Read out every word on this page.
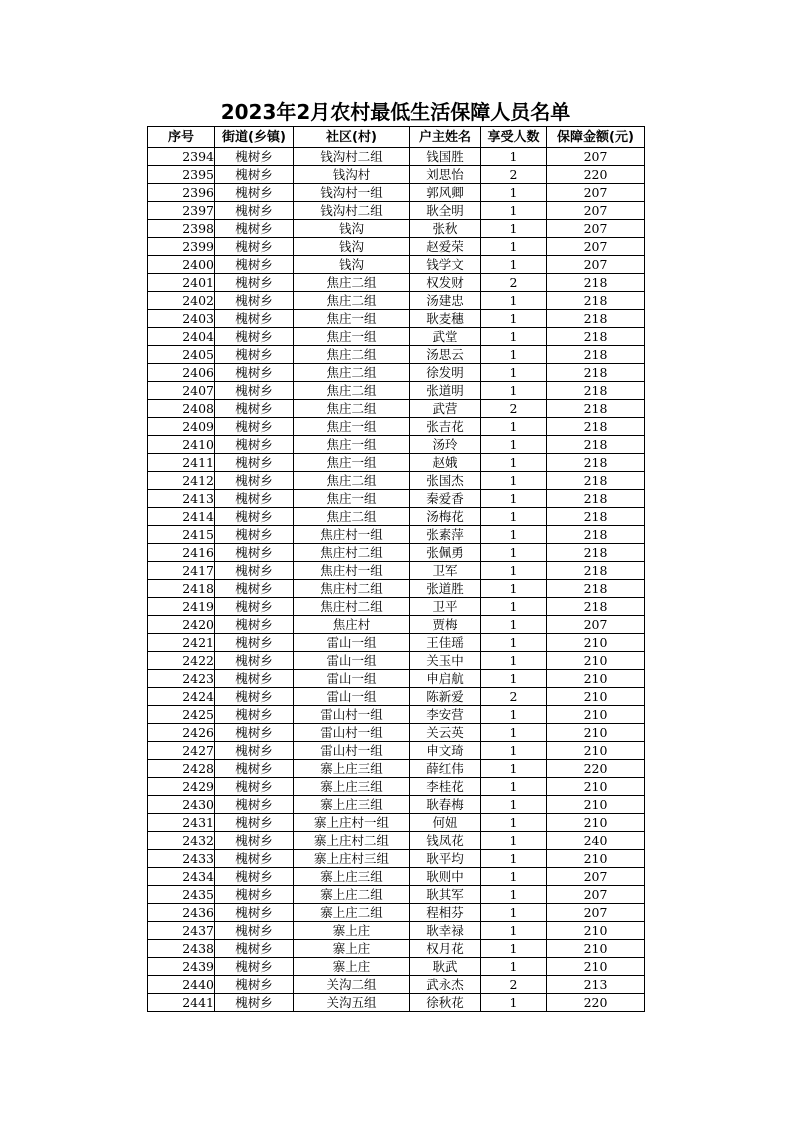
2023年2月农村最低生活保障人员名单
序号	街道(乡镇)	社区(村)	户主姓名	享受人数	保障金额(元)
2394	槐树乡	钱沟村二组	钱国胜	1	207
2395	槐树乡	钱沟村	刘思怡	2	220
2396	槐树乡	钱沟村一组	郭风卿	1	207
2397	槐树乡	钱沟村二组	耿全明	1	207
2398	槐树乡	钱沟	张秋	1	207
2399	槐树乡	钱沟	赵爱荣	1	207
2400	槐树乡	钱沟	钱学文	1	207
2401	槐树乡	焦庄二组	权发财	2	218
2402	槐树乡	焦庄二组	汤建忠	1	218
2403	槐树乡	焦庄一组	耿麦穗	1	218
2404	槐树乡	焦庄一组	武堂	1	218
2405	槐树乡	焦庄二组	汤思云	1	218
2406	槐树乡	焦庄二组	徐发明	1	218
2407	槐树乡	焦庄二组	张道明	1	218
2408	槐树乡	焦庄二组	武营	2	218
2409	槐树乡	焦庄一组	张吉花	1	218
2410	槐树乡	焦庄一组	汤玲	1	218
2411	槐树乡	焦庄一组	赵娥	1	218
2412	槐树乡	焦庄二组	张国杰	1	218
2413	槐树乡	焦庄一组	秦爱香	1	218
2414	槐树乡	焦庄二组	汤梅花	1	218
2415	槐树乡	焦庄村一组	张素萍	1	218
2416	槐树乡	焦庄村二组	张佩勇	1	218
2417	槐树乡	焦庄村一组	卫军	1	218
2418	槐树乡	焦庄村二组	张道胜	1	218
2419	槐树乡	焦庄村二组	卫平	1	218
2420	槐树乡	焦庄村	贾梅	1	207
2421	槐树乡	雷山一组	王佳瑶	1	210
2422	槐树乡	雷山一组	关玉中	1	210
2423	槐树乡	雷山一组	申启航	1	210
2424	槐树乡	雷山一组	陈新爱	2	210
2425	槐树乡	雷山村一组	李安营	1	210
2426	槐树乡	雷山村一组	关云英	1	210
2427	槐树乡	雷山村一组	申文琦	1	210
2428	槐树乡	寨上庄三组	薛红伟	1	220
2429	槐树乡	寨上庄三组	李桂花	1	210
2430	槐树乡	寨上庄三组	耿春梅	1	210
2431	槐树乡	寨上庄村一组	何妞	1	210
2432	槐树乡	寨上庄村二组	钱凤花	1	240
2433	槐树乡	寨上庄村三组	耿平均	1	210
2434	槐树乡	寨上庄三组	耿则中	1	207
2435	槐树乡	寨上庄二组	耿其军	1	207
2436	槐树乡	寨上庄二组	程相芬	1	207
2437	槐树乡	寨上庄	耿幸禄	1	210
2438	槐树乡	寨上庄	权月花	1	210
2439	槐树乡	寨上庄	耿武	1	210
2440	槐树乡	关沟二组	武永杰	2	213
2441	槐树乡	关沟五组	徐秋花	1	220
